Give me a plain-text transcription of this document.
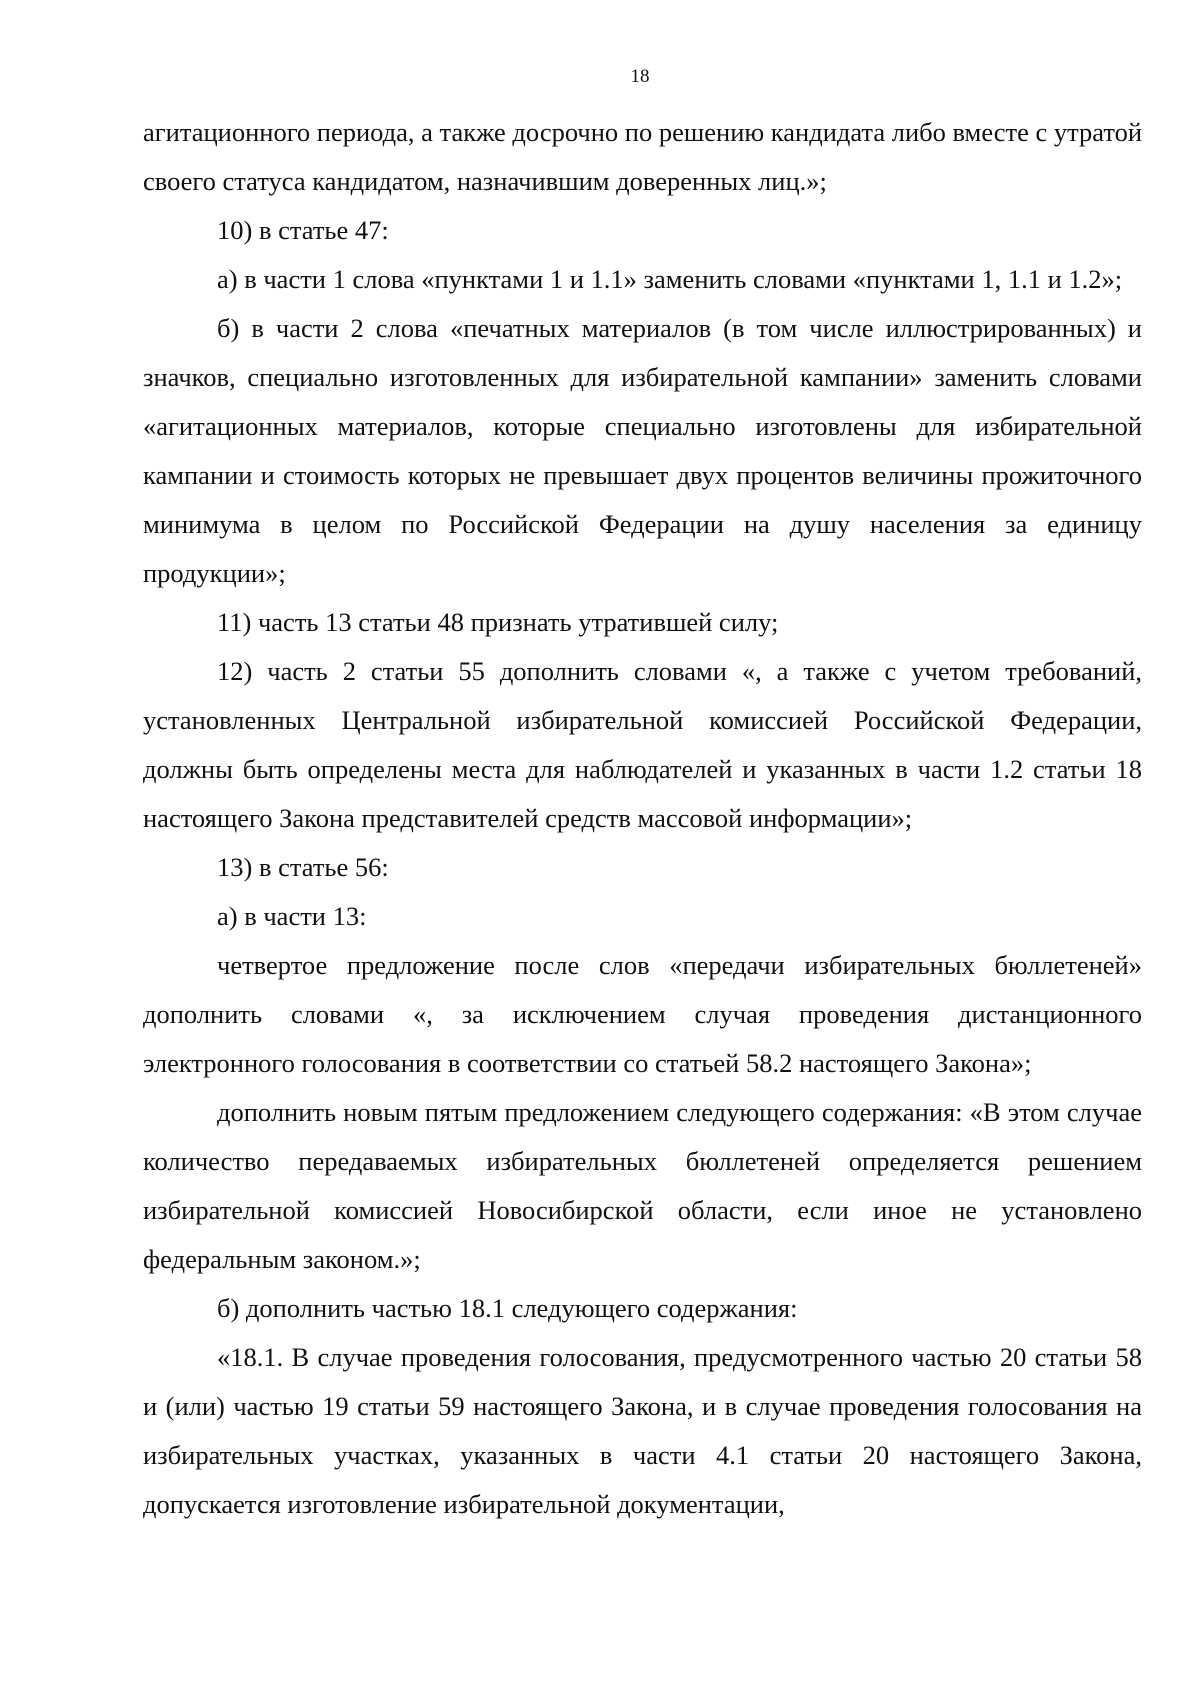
18

агитационного периода, а также досрочно по решению кандидата либо вместе с утратой своего статуса кандидатом, назначившим доверенных лиц.»;

10) в статье 47:

а) в части 1 слова «пунктами 1 и 1.1» заменить словами «пунктами 1, 1.1 и 1.2»;

б) в части 2 слова «печатных материалов (в том числе иллюстрированных) и значков, специально изготовленных для избирательной кампании» заменить словами «агитационных материалов, которые специально изготовлены для избирательной кампании и стоимость которых не превышает двух процентов величины прожиточного минимума в целом по Российской Федерации на душу населения за единицу продукции»;

11) часть 13 статьи 48 признать утратившей силу;

12) часть 2 статьи 55 дополнить словами «, а также с учетом требований, установленных Центральной избирательной комиссией Российской Федерации, должны быть определены места для наблюдателей и указанных в части 1.2 статьи 18 настоящего Закона представителей средств массовой информации»;

13) в статье 56:

а) в части 13:

четвертое предложение после слов «передачи избирательных бюллетеней» дополнить словами «, за исключением случая проведения дистанционного электронного голосования в соответствии со статьей 58.2 настоящего Закона»;

дополнить новым пятым предложением следующего содержания: «В этом случае количество передаваемых избирательных бюллетеней определяется решением избирательной комиссией Новосибирской области, если иное не установлено федеральным законом.»;

б) дополнить частью 18.1 следующего содержания:

«18.1. В случае проведения голосования, предусмотренного частью 20 статьи 58 и (или) частью 19 статьи 59 настоящего Закона, и в случае проведения голосования на избирательных участках, указанных в части 4.1 статьи 20 настоящего Закона, допускается изготовление избирательной документации,
